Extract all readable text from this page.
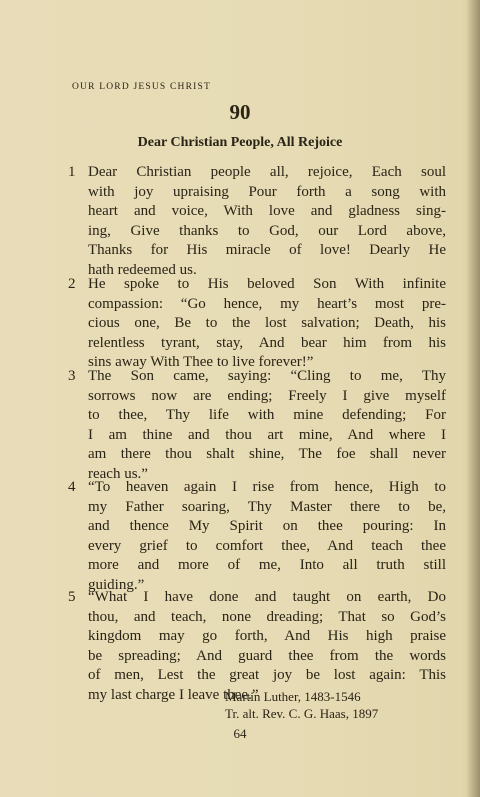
OUR LORD JESUS CHRIST
90
Dear Christian People, All Rejoice
1 Dear Christian people all, rejoice, Each soul
with joy upraising Pour forth a song with
heart and voice, With love and gladness sing-
ing, Give thanks to God, our Lord above,
Thanks for His miracle of love! Dearly He
hath redeemed us.
2 He spoke to His beloved Son With infinite
compassion: “Go hence, my heart’s most pre-
cious one, Be to the lost salvation; Death, his
relentless tyrant, stay, And bear him from his
sins away With Thee to live forever!”
3 The Son came, saying: “Cling to me, Thy
sorrows now are ending; Freely I give myself
to thee, Thy life with mine defending; For
I am thine and thou art mine, And where I
am there thou shalt shine, The foe shall never
reach us.”
4 “To heaven again I rise from hence, High to
my Father soaring, Thy Master there to be,
and thence My Spirit on thee pouring: In
every grief to comfort thee, And teach thee
more and more of me, Into all truth still
guiding.”
5 “What I have done and taught on earth, Do
thou, and teach, none dreading; That so God’s
kingdom may go forth, And His high praise
be spreading; And guard thee from the words
of men, Lest the great joy be lost again: This
my last charge I leave thee.”
Martin Luther, 1483-1546
Tr. alt. Rev. C. G. Haas, 1897
64
